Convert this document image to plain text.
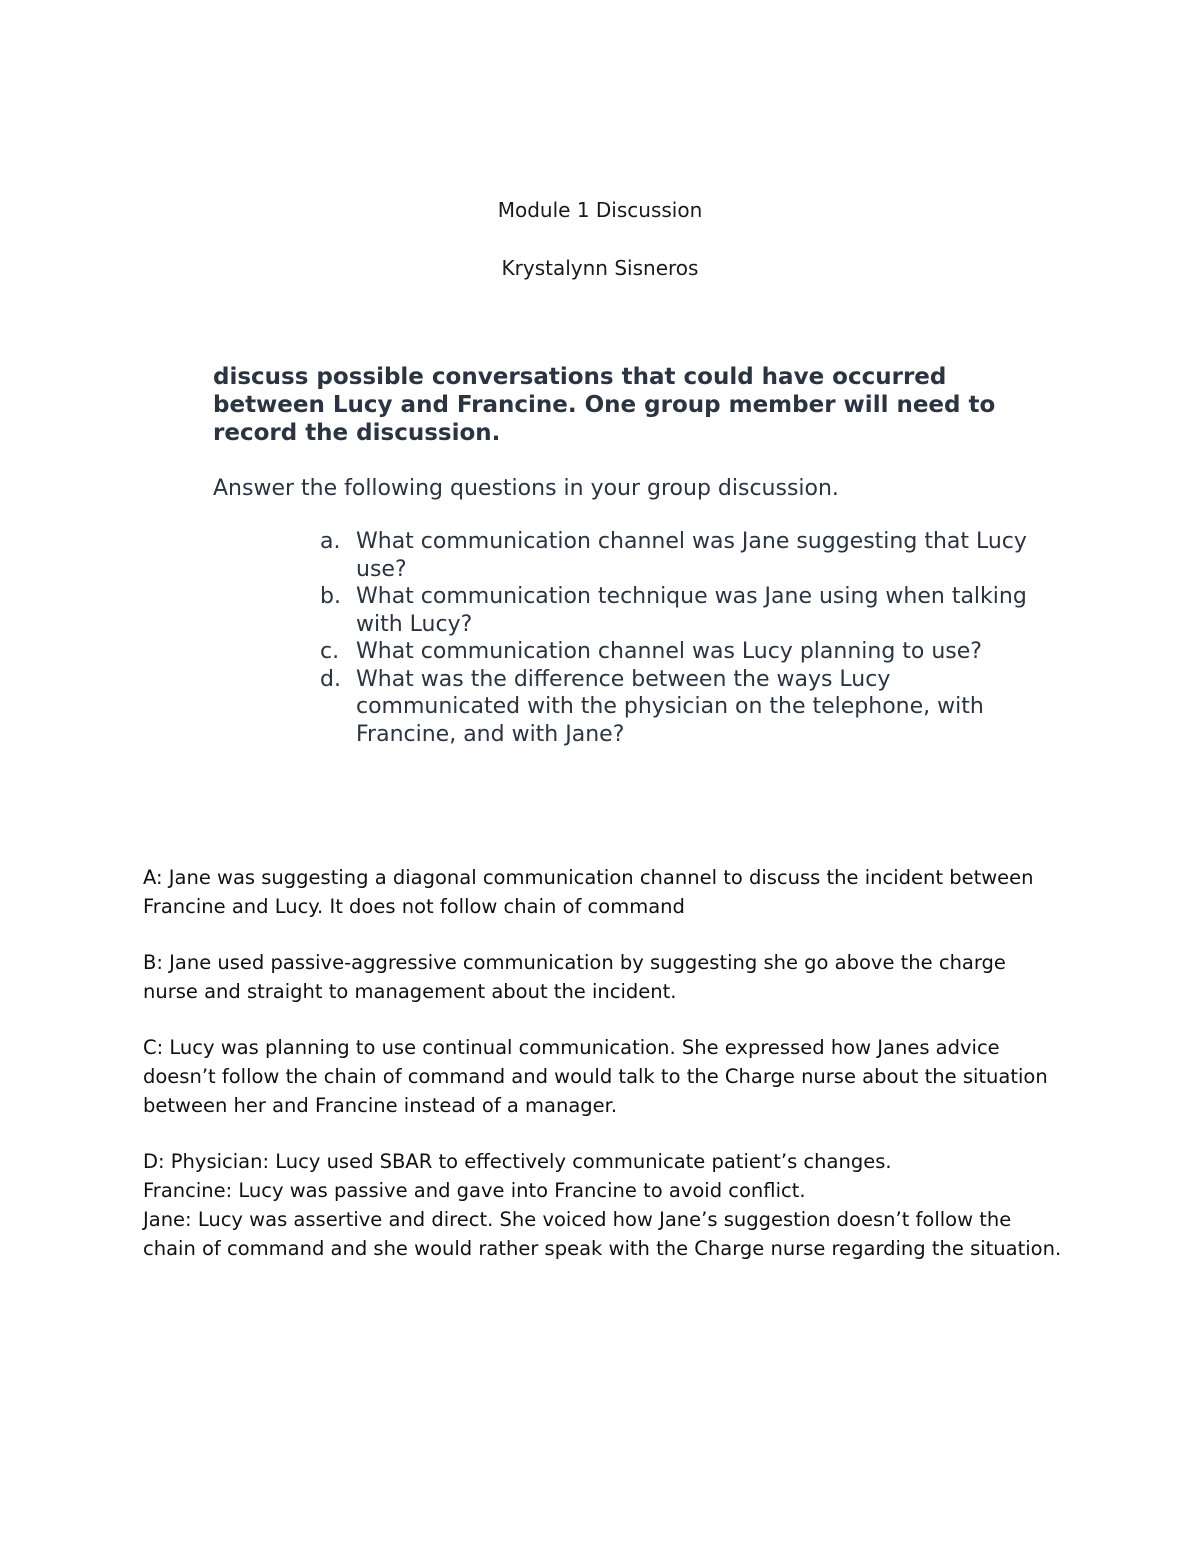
Module 1 Discussion
Krystalynn Sisneros

discuss possible conversations that could have occurred between Lucy and Francine. One group member will need to record the discussion.

Answer the following questions in your group discussion.

a. What communication channel was Jane suggesting that Lucy use?
b. What communication technique was Jane using when talking with Lucy?
c. What communication channel was Lucy planning to use?
d. What was the difference between the ways Lucy communicated with the physician on the telephone, with Francine, and with Jane?

A: Jane was suggesting a diagonal communication channel to discuss the incident between Francine and Lucy. It does not follow chain of command

B: Jane used passive-aggressive communication by suggesting she go above the charge nurse and straight to management about the incident.

C: Lucy was planning to use continual communication. She expressed how Janes advice doesn’t follow the chain of command and would talk to the Charge nurse about the situation between her and Francine instead of a manager.

D: Physician: Lucy used SBAR to effectively communicate patient’s changes.
Francine: Lucy was passive and gave into Francine to avoid conflict.
Jane: Lucy was assertive and direct. She voiced how Jane’s suggestion doesn’t follow the chain of command and she would rather speak with the Charge nurse regarding the situation.
